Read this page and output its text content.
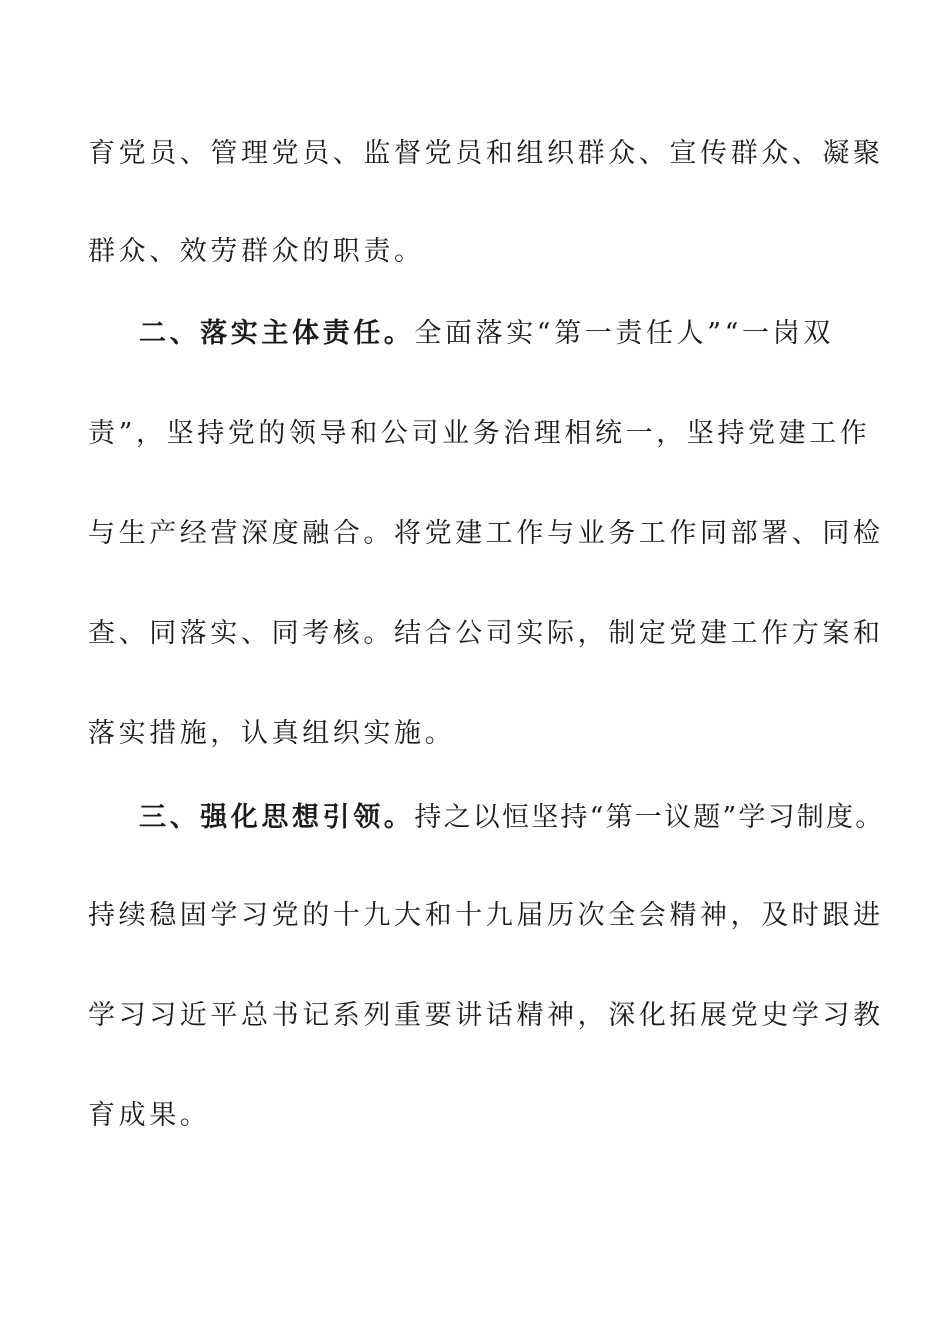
育党员、管理党员、监督党员和组织群众、宣传群众、凝聚
群众、效劳群众的职责。
二、落实主体责任。全面落实“第一责任人”“一岗双
责”，坚持党的领导和公司业务治理相统一，坚持党建工作
与生产经营深度融合。将党建工作与业务工作同部署、同检
查、同落实、同考核。结合公司实际，制定党建工作方案和
落实措施，认真组织实施。
三、强化思想引领。持之以恒坚持“第一议题”学习制度。
持续稳固学习党的十九大和十九届历次全会精神，及时跟进
学习习近平总书记系列重要讲话精神，深化拓展党史学习教
育成果。
